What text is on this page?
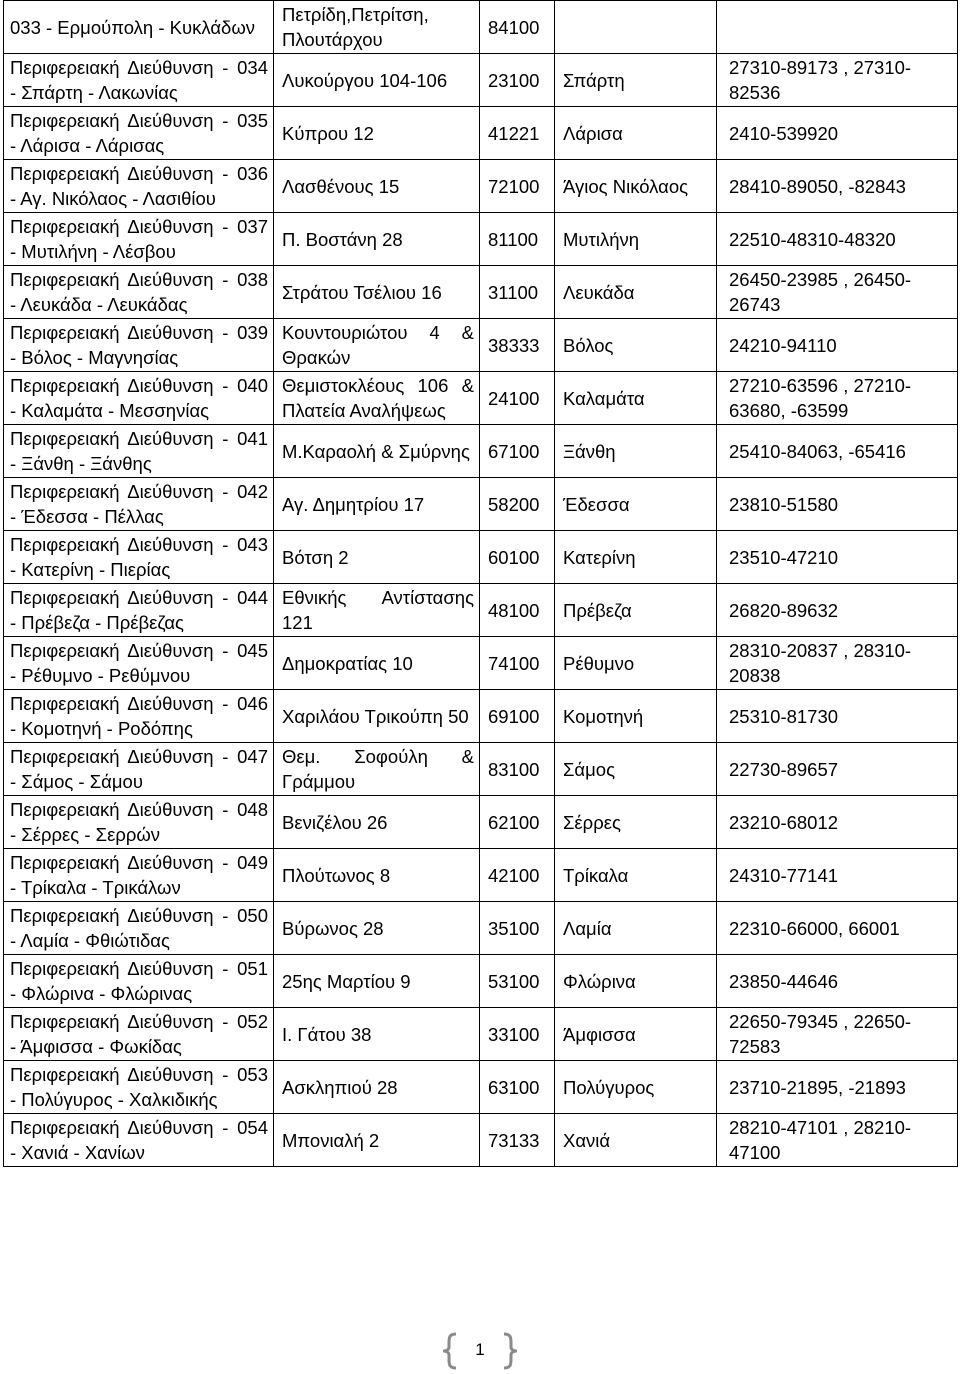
033 - Ερμούπολη - Κυκλάδων	Πετρίδη,Πετρίτση, Πλουτάρχου	84100		
Περιφερειακή Διεύθυνση - 034 - Σπάρτη - Λακωνίας	Λυκούργου 104-106	23100	Σπάρτη	27310-89173 , 27310-82536
Περιφερειακή Διεύθυνση - 035 - Λάρισα - Λάρισας	Κύπρου 12	41221	Λάρισα	2410-539920
Περιφερειακή Διεύθυνση - 036 - Αγ. Νικόλαος - Λασιθίου	Λασθένους 15	72100	Άγιος Νικόλαος	28410-89050, -82843
Περιφερειακή Διεύθυνση - 037 - Μυτιλήνη - Λέσβου	Π. Βοστάνη 28	81100	Μυτιλήνη	22510-48310-48320
Περιφερειακή Διεύθυνση - 038 - Λευκάδα - Λευκάδας	Στράτου Τσέλιου 16	31100	Λευκάδα	26450-23985 , 26450-26743
Περιφερειακή Διεύθυνση - 039 - Βόλος - Μαγνησίας	Κουντουριώτου 4 & Θρακών	38333	Βόλος	24210-94110
Περιφερειακή Διεύθυνση - 040 - Καλαμάτα - Μεσσηνίας	Θεμιστοκλέους 106 & Πλατεία Αναλήψεως	24100	Καλαμάτα	27210-63596 , 27210-63680, -63599
Περιφερειακή Διεύθυνση - 041 - Ξάνθη - Ξάνθης	Μ.Καραολή & Σμύρνης	67100	Ξάνθη	25410-84063, -65416
Περιφερειακή Διεύθυνση - 042 - Έδεσσα - Πέλλας	Αγ. Δημητρίου 17	58200	Έδεσσα	23810-51580
Περιφερειακή Διεύθυνση - 043 - Κατερίνη - Πιερίας	Βότση 2	60100	Κατερίνη	23510-47210
Περιφερειακή Διεύθυνση - 044 - Πρέβεζα - Πρέβεζας	Εθνικής Αντίστασης 121	48100	Πρέβεζα	26820-89632
Περιφερειακή Διεύθυνση - 045 - Ρέθυμνο - Ρεθύμνου	Δημοκρατίας 10	74100	Ρέθυμνο	28310-20837 , 28310-20838
Περιφερειακή Διεύθυνση - 046 - Κομοτηνή - Ροδόπης	Χαριλάου Τρικούπη 50	69100	Κομοτηνή	25310-81730
Περιφερειακή Διεύθυνση - 047 - Σάμος - Σάμου	Θεμ. Σοφούλη & Γράμμου	83100	Σάμος	22730-89657
Περιφερειακή Διεύθυνση - 048 - Σέρρες - Σερρών	Βενιζέλου 26	62100	Σέρρες	23210-68012
Περιφερειακή Διεύθυνση - 049 - Τρίκαλα - Τρικάλων	Πλούτωνος 8	42100	Τρίκαλα	24310-77141
Περιφερειακή Διεύθυνση - 050 - Λαμία - Φθιώτιδας	Βύρωνος 28	35100	Λαμία	22310-66000, 66001
Περιφερειακή Διεύθυνση - 051 - Φλώρινα - Φλώρινας	25ης Μαρτίου 9	53100	Φλώρινα	23850-44646
Περιφερειακή Διεύθυνση - 052 - Άμφισσα - Φωκίδας	Ι. Γάτου 38	33100	Άμφισσα	22650-79345 , 22650-72583
Περιφερειακή Διεύθυνση - 053 - Πολύγυρος - Χαλκιδικής	Ασκληπιού 28	63100	Πολύγυρος	23710-21895, -21893
Περιφερειακή Διεύθυνση - 054 - Χανιά - Χανίων	Μπονιαλή 2	73133	Χανιά	28210-47101 , 28210-47100
1
